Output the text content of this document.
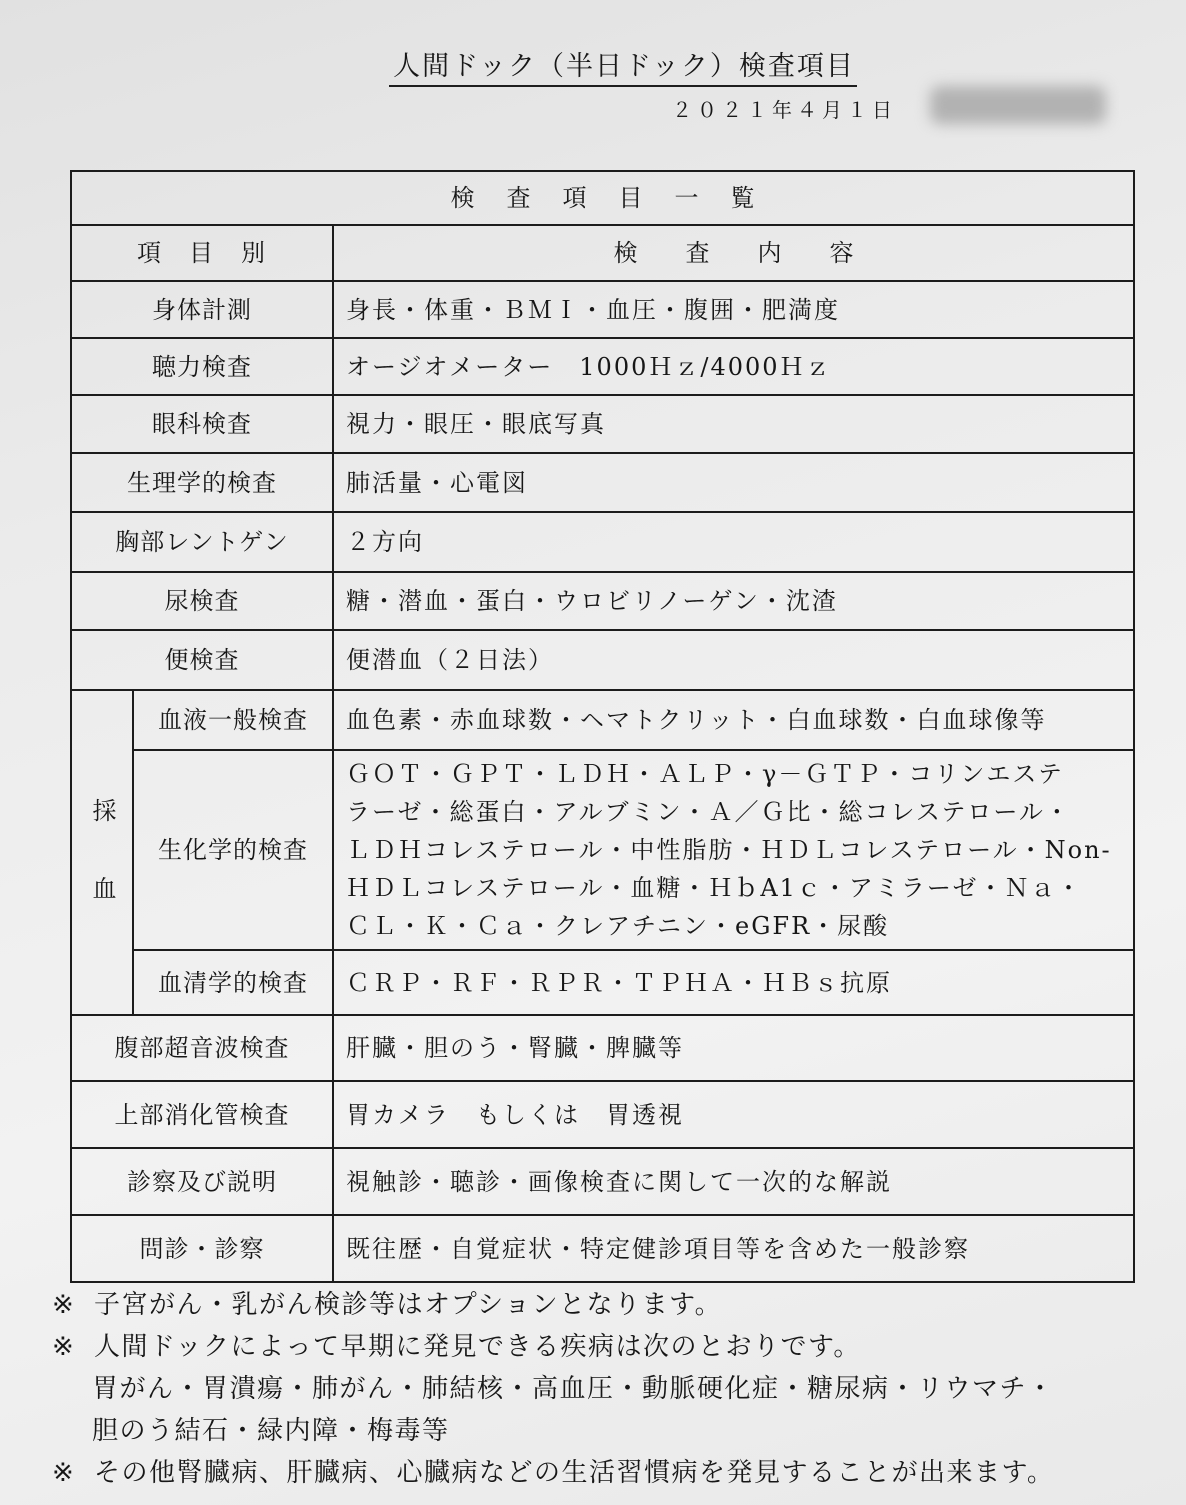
人間ドック（半日ドック）検査項目
２０２１年４月１日
検　査　項　目　一　覧		
項　目　別		検　査　内　容
身体計測		身長・体重・ＢＭＩ・血圧・腹囲・肥満度
聴力検査		オージオメーター　1000Ｈｚ/4000Ｈｚ
眼科検査		視力・眼圧・眼底写真
生理学的検査		肺活量・心電図
胸部レントゲン		２方向
尿検査		糖・潜血・蛋白・ウロビリノーゲン・沈渣
便検査		便潜血（２日法）
採血	血液一般検査	血色素・赤血球数・ヘマトクリット・白血球数・白血球像等
	生化学的検査	ＧＯＴ・ＧＰＴ・ＬＤＨ・ＡＬＰ・γ－ＧＴＰ・コリンエステ
ラーゼ・総蛋白・アルブミン・Ａ／Ｇ比・総コレステロール・
ＬＤＨコレステロール・中性脂肪・ＨＤＬコレステロール・Non-
ＨＤＬコレステロール・血糖・ＨｂA1ｃ・アミラーゼ・Ｎａ・
ＣＬ・Ｋ・Ｃａ・クレアチニン・eGFR・尿酸

	血清学的検査	ＣＲＰ・ＲＦ・ＲＰＲ・ＴＰＨＡ・ＨＢｓ抗原
腹部超音波検査		肝臓・胆のう・腎臓・脾臓等
上部消化管検査		胃カメラ　もしくは　胃透視
診察及び説明		視触診・聴診・画像検査に関して一次的な解説
問診・診察		既往歴・自覚症状・特定健診項目等を含めた一般診察
※ 子宮がん・乳がん検診等はオプションとなります。
※ 人間ドックによって早期に発見できる疾病は次のとおりです。
胃がん・胃潰瘍・肺がん・肺結核・高血圧・動脈硬化症・糖尿病・リウマチ・
胆のう結石・緑内障・梅毒等
※ その他腎臓病、肝臓病、心臓病などの生活習慣病を発見することが出来ます。
